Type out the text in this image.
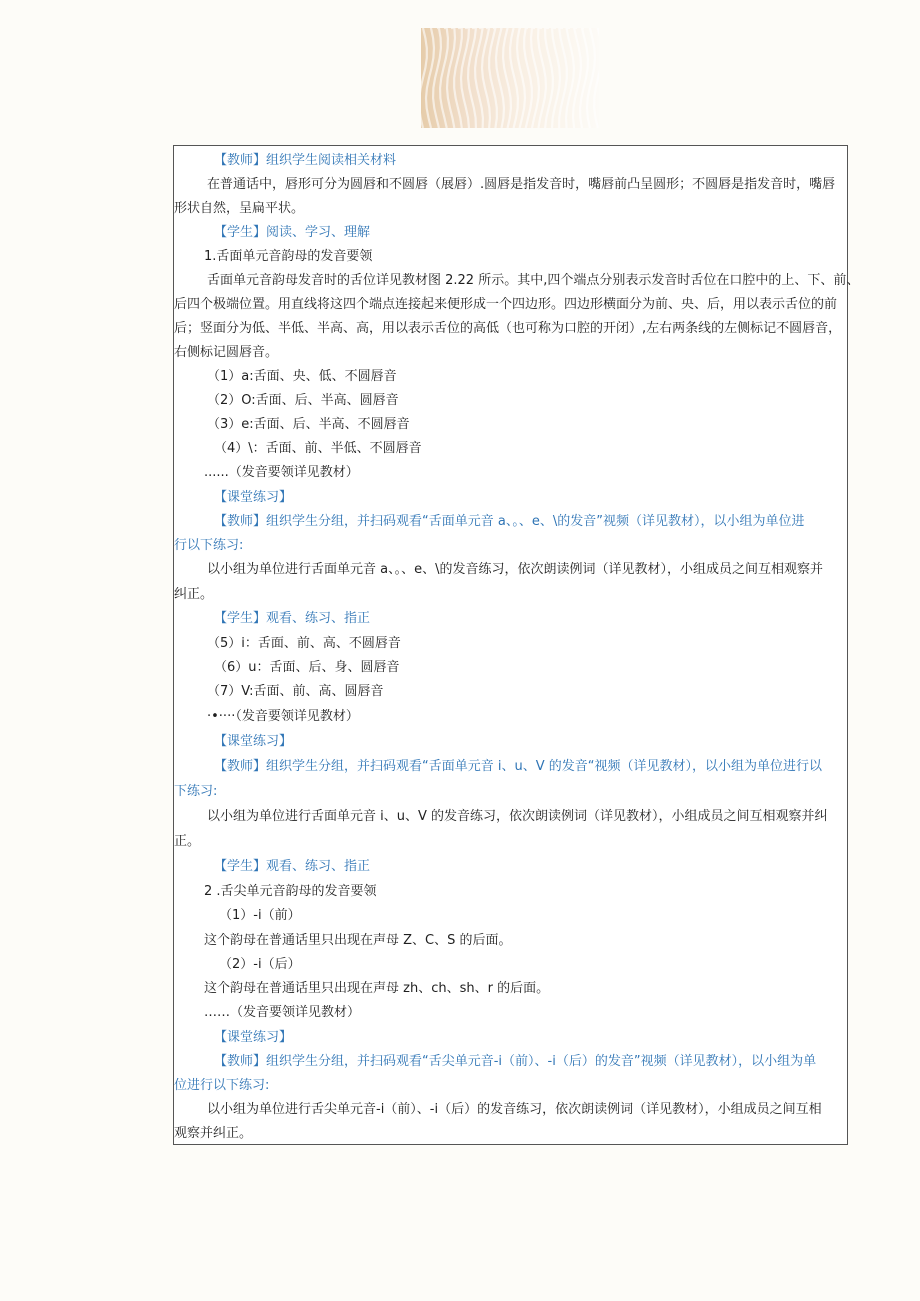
【教师】组织学生阅读相关材料
在普通话中，唇形可分为圆唇和不圆唇（展唇）.圆唇是指发音时，嘴唇前凸呈圆形；不圆唇是指发音时，嘴唇
形状自然，呈扁平状。
【学生】阅读、学习、理解
1.舌面单元音韵母的发音要领
舌面单元音韵母发音时的舌位详见教材图 2.22 所示。其中,四个端点分别表示发音时舌位在口腔中的上、下、前、
后四个极端位置。用直线将这四个端点连接起来便形成一个四边形。四边形横面分为前、央、后，用以表示舌位的前
后；竖面分为低、半低、半高、高，用以表示舌位的高低（也可称为口腔的开闭）,左右两条线的左侧标记不圆唇音，
右侧标记圆唇音。
（1）a:舌面、央、低、不圆唇音
（2）O:舌面、后、半高、圆唇音
（3）e:舌面、后、半高、不圆唇音
（4）\：舌面、前、半低、不圆唇音
......（发音要领详见教材）
【课堂练习】
【教师】组织学生分组，并扫码观看“舌面单元音 a、。、e、\的发音”视频（详见教材），以小组为单位进
行以下练习:
以小组为单位进行舌面单元音 a、。、e、\的发音练习，依次朗读例词（详见教材），小组成员之间互相观察并
纠正。
【学生】观看、练习、指正
（5）i：舌面、前、高、不圆唇音
（6）u：舌面、后、身、圆唇音
（7）V:舌面、前、高、圆唇音
·•····（发音要领详见教材）
【课堂练习】
【教师】组织学生分组，并扫码观看“舌面单元音 i、u、V 的发音“视频（详见教材），以小组为单位进行以
下练习:
以小组为单位进行舌面单元音 i、u、V 的发音练习，依次朗读例词（详见教材），小组成员之间互相观察并纠
正。
【学生】观看、练习、指正
2 .舌尖单元音韵母的发音要领
（1）-i（前）
这个韵母在普通话里只出现在声母 Z、C、S 的后面。
（2）-i（后）
这个韵母在普通话里只出现在声母 zh、ch、sh、r 的后面。
……（发音要领详见教材）
【课堂练习】
【教师】组织学生分组，并扫码观看“舌尖单元音-i（前）、-i（后）的发音”视频（详见教材），以小组为单
位进行以下练习:
以小组为单位进行舌尖单元音-i（前）、-i（后）的发音练习，依次朗读例词（详见教材），小组成员之间互相
观察并纠正。
